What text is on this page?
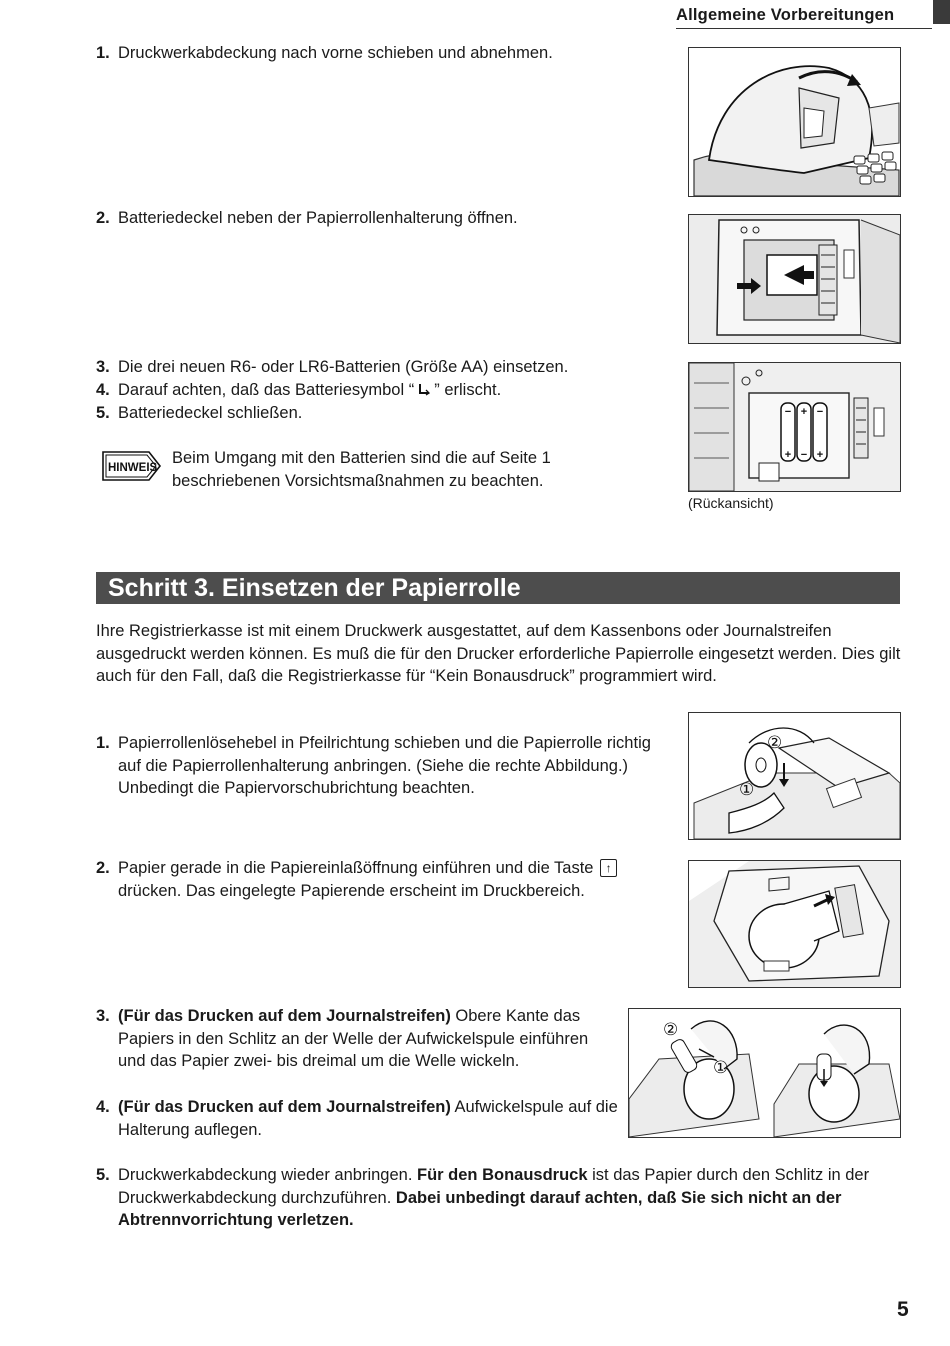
Allgemeine Vorbereitungen
1. Druckwerkabdeckung nach vorne schieben und abnehmen.
2. Batteriedeckel neben der Papierrollenhalterung öffnen.
3. Die drei neuen R6- oder LR6-Batterien (Größe AA) einsetzen.
4. Darauf achten, daß das Batteriesymbol “ ” erlischt.
5. Batteriedeckel schließen.
HINWEIS
Beim Umgang mit den Batterien sind die auf Seite 1 beschriebenen Vorsichtsmaßnahmen zu beachten.
− + −
+ − +
(Rückansicht)
Schritt 3. Einsetzen der Papierrolle
Ihre Registrierkasse ist mit einem Druckwerk ausgestattet, auf dem Kassenbons oder Journalstreifen ausgedruckt werden können. Es muß die für den Drucker erforderliche Papierrolle eingesetzt werden. Dies gilt auch für den Fall, daß die Registrierkasse für “Kein Bonausdruck” programmiert wird.
1. Papierrollenlösehebel in Pfeilrichtung schieben und die Papierrolle richtig auf die Papierrollenhalterung anbringen. (Siehe die rechte Abbildung.)
Unbedingt die Papiervorschubrichtung beachten.
②
①
2. Papier gerade in die Papiereinlaßöffnung einführen und die Taste ↑
drücken. Das eingelegte Papierende erscheint im Druckbereich.
3. (Für das Drucken auf dem Journalstreifen) Obere Kante das Papiers in den Schlitz an der Welle der Aufwickelspule einführen und das Papier zwei- bis dreimal um die Welle wickeln.
4. (Für das Drucken auf dem Journalstreifen) Aufwickelspule auf die Halterung auflegen.
②
①
5. Druckwerkabdeckung wieder anbringen. Für den Bonausdruck ist das Papier durch den Schlitz in der Druckwerkabdeckung durchzuführen. Dabei unbedingt darauf achten, daß Sie sich nicht an der Abtrennvorrichtung verletzen.
5
